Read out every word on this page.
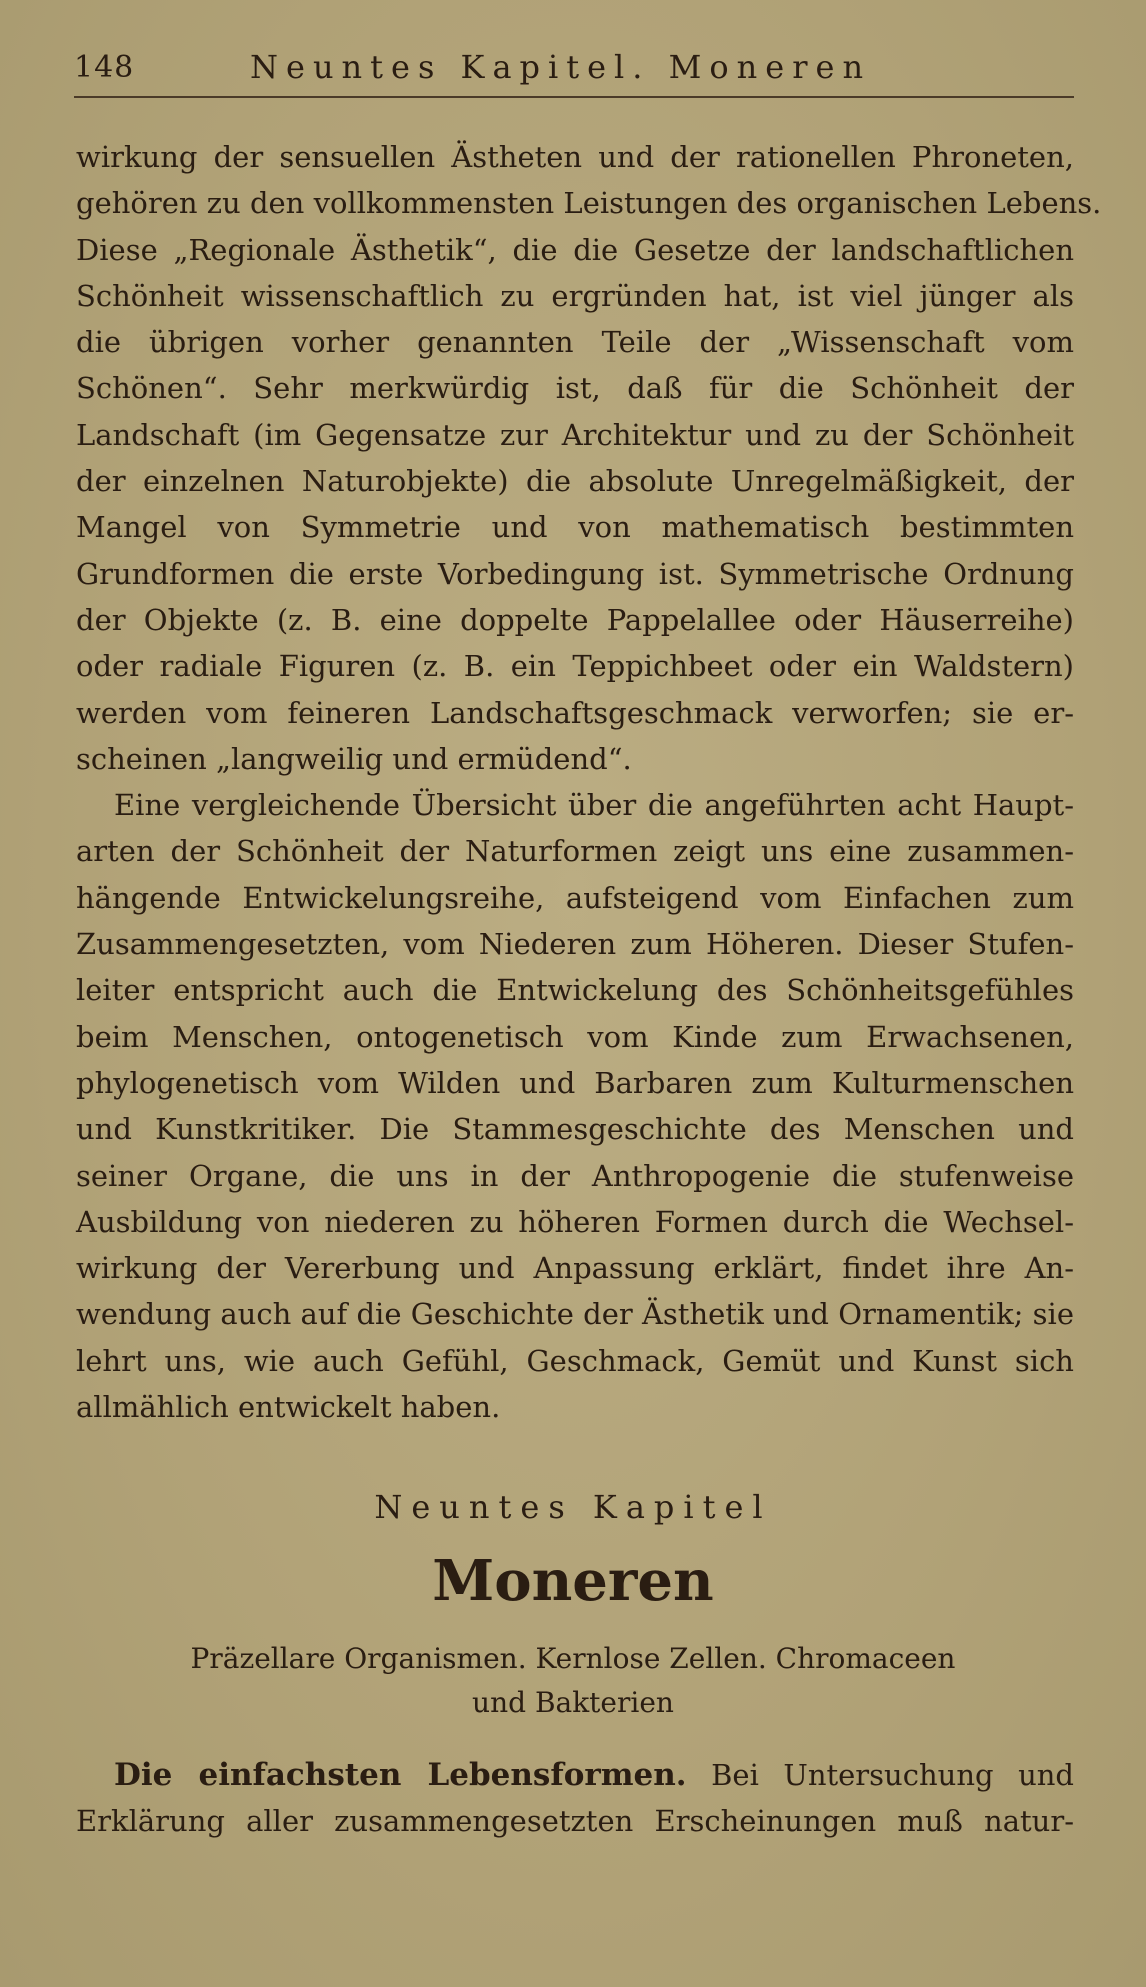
148	Neuntes Kapitel. Moneren
wirkung der sensuellen Ästheten und der rationellen Phroneten,
gehören zu den vollkommensten Leistungen des organischen Lebens.
Diese „Regionale Ästhetik“, die die Gesetze der landschaftlichen
Schönheit wissenschaftlich zu ergründen hat, ist viel jünger als
die übrigen vorher genannten Teile der „Wissenschaft vom
Schönen“. Sehr merkwürdig ist, daß für die Schönheit der
Landschaft (im Gegensatze zur Architektur und zu der Schönheit
der einzelnen Naturobjekte) die absolute Unregelmäßigkeit, der
Mangel von Symmetrie und von mathematisch bestimmten
Grundformen die erste Vorbedingung ist. Symmetrische Ordnung
der Objekte (z. B. eine doppelte Pappelallee oder Häuserreihe)
oder radiale Figuren (z. B. ein Teppichbeet oder ein Waldstern)
werden vom feineren Landschaftsgeschmack verworfen; sie er-
scheinen „langweilig und ermüdend“.
Eine vergleichende Übersicht über die angeführten acht Haupt-
arten der Schönheit der Naturformen zeigt uns eine zusammen-
hängende Entwickelungsreihe, aufsteigend vom Einfachen zum
Zusammengesetzten, vom Niederen zum Höheren. Dieser Stufen-
leiter entspricht auch die Entwickelung des Schönheitsgefühles
beim Menschen, ontogenetisch vom Kinde zum Erwachsenen,
phylogenetisch vom Wilden und Barbaren zum Kulturmenschen
und Kunstkritiker. Die Stammesgeschichte des Menschen und
seiner Organe, die uns in der Anthropogenie die stufenweise
Ausbildung von niederen zu höheren Formen durch die Wechsel-
wirkung der Vererbung und Anpassung erklärt, findet ihre An-
wendung auch auf die Geschichte der Ästhetik und Ornamentik; sie
lehrt uns, wie auch Gefühl, Geschmack, Gemüt und Kunst sich
allmählich entwickelt haben.
Neuntes Kapitel
Moneren
Präzellare Organismen. Kernlose Zellen. Chromaceen
und Bakterien
Die einfachsten Lebensformen. Bei Untersuchung und
Erklärung aller zusammengesetzten Erscheinungen muß natur-
